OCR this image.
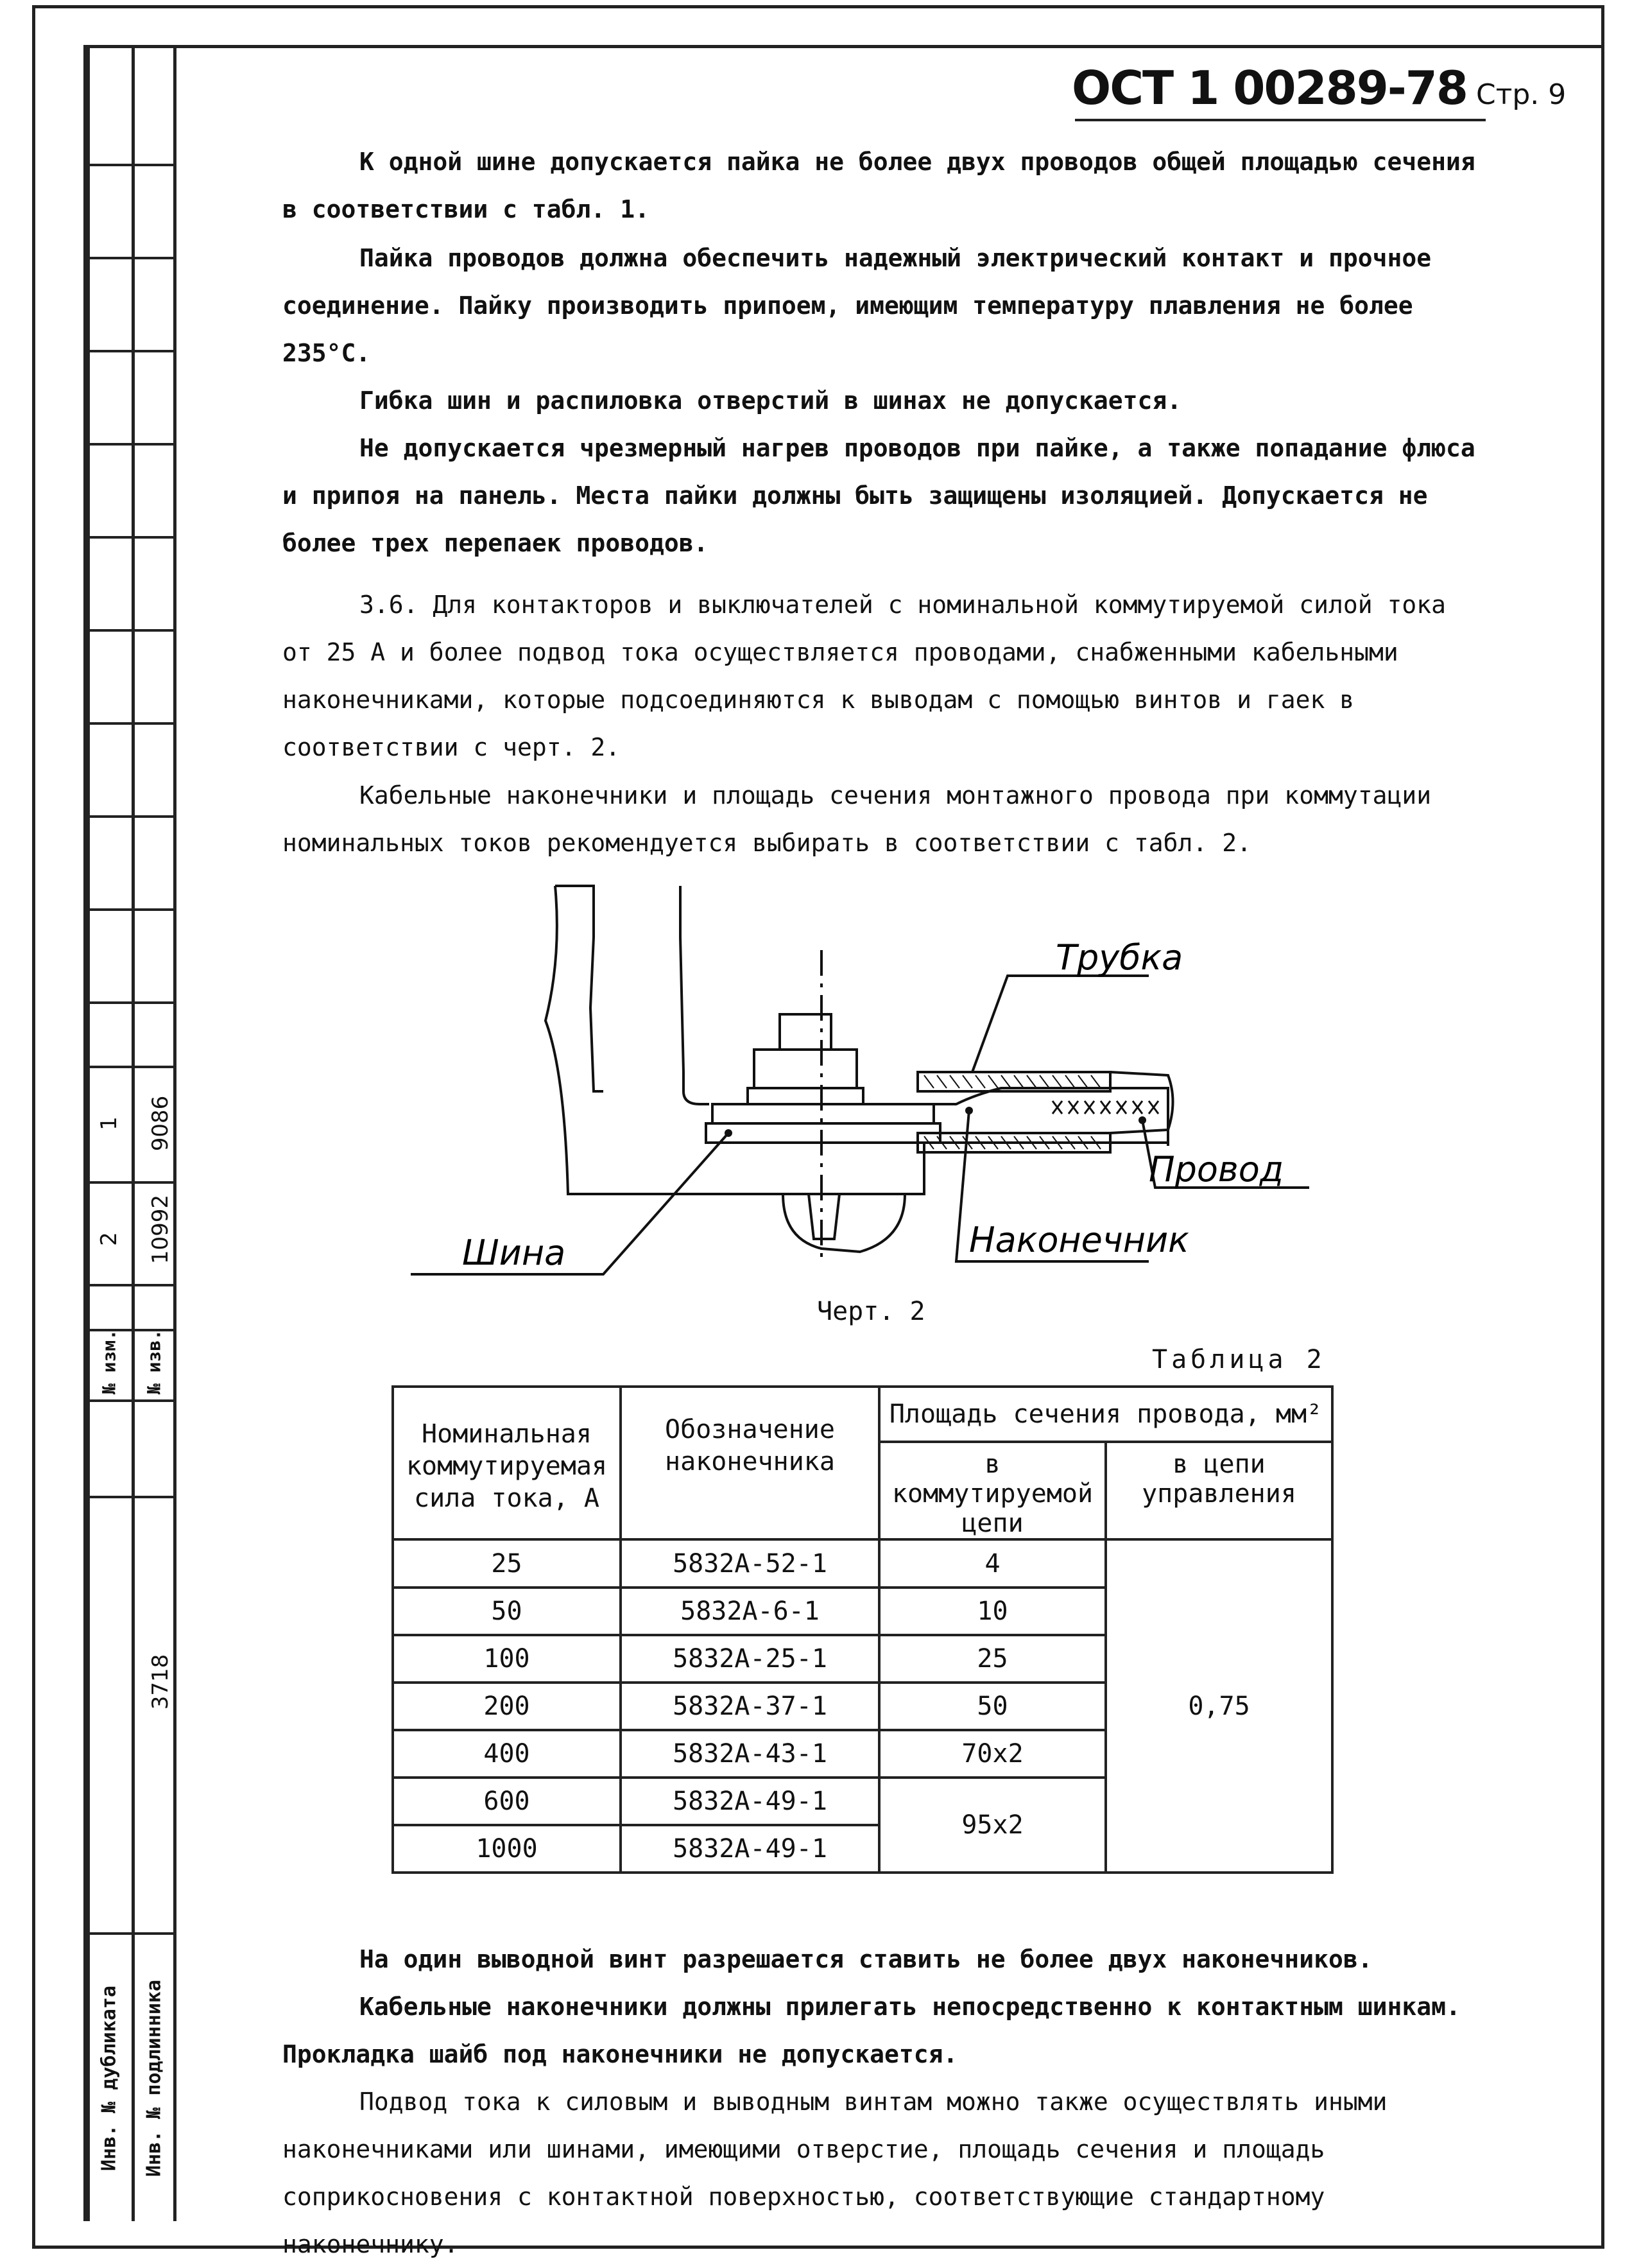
1
2
9086
10992
№ изм. № изв.
3718
Инв. № дубликата Инв. № подлинника
ОСТ 1 00289-78 Стр. 9

К одной шине допускается пайка не более двух проводов общей площадью сечения в соответствии с табл. 1.

Пайка проводов должна обеспечить надежный электрический контакт и прочное соединение. Пайку производить припоем, имеющим температуру плавления не более 235°С.

Гибка шин и распиловка отверстий в шинах не допускается.

Не допускается чрезмерный нагрев проводов при пайке, а также попадание флюса и припоя на панель. Места пайки должны быть защищены изоляцией. Допускается не более трех перепаек проводов.

3.6. Для контакторов и выключателей с номинальной коммутируемой силой тока от 25 А и более подвод тока осуществляется проводами, снабженными кабельными наконечниками, которые подсоединяются к выводам с помощью винтов и гаек в соответствии с черт. 2.

Кабельные наконечники и площадь сечения монтажного провода при коммутации номинальных токов рекомендуется выбирать в соответствии с табл. 2.

Трубка
Провод
Шина	Наконечник
Черт. 2
Таблица 2
Номинальная коммутируемая сила тока, А	Обозначение наконечника	Площадь сечения провода, мм²	
		в коммутируемой цепи	в цепи управления
25	5832А-52-1	4	0,75
50	5832А-6-1	10	
100	5832А-25-1	25	
200	5832А-37-1	50	
400	5832А-43-1	70x2	
600	5832А-49-1	95x2	
1000	5832А-49-1		

На один выводной винт разрешается ставить не более двух наконечников.

Кабельные наконечники должны прилегать непосредственно к контактным шинкам. Прокладка шайб под наконечники не допускается.

Подвод тока к силовым и выводным винтам можно также осуществлять иными наконечниками или шинами, имеющими отверстие, площадь сечения и площадь соприкосновения с контактной поверхностью, соответствующие стандартному наконечнику.
